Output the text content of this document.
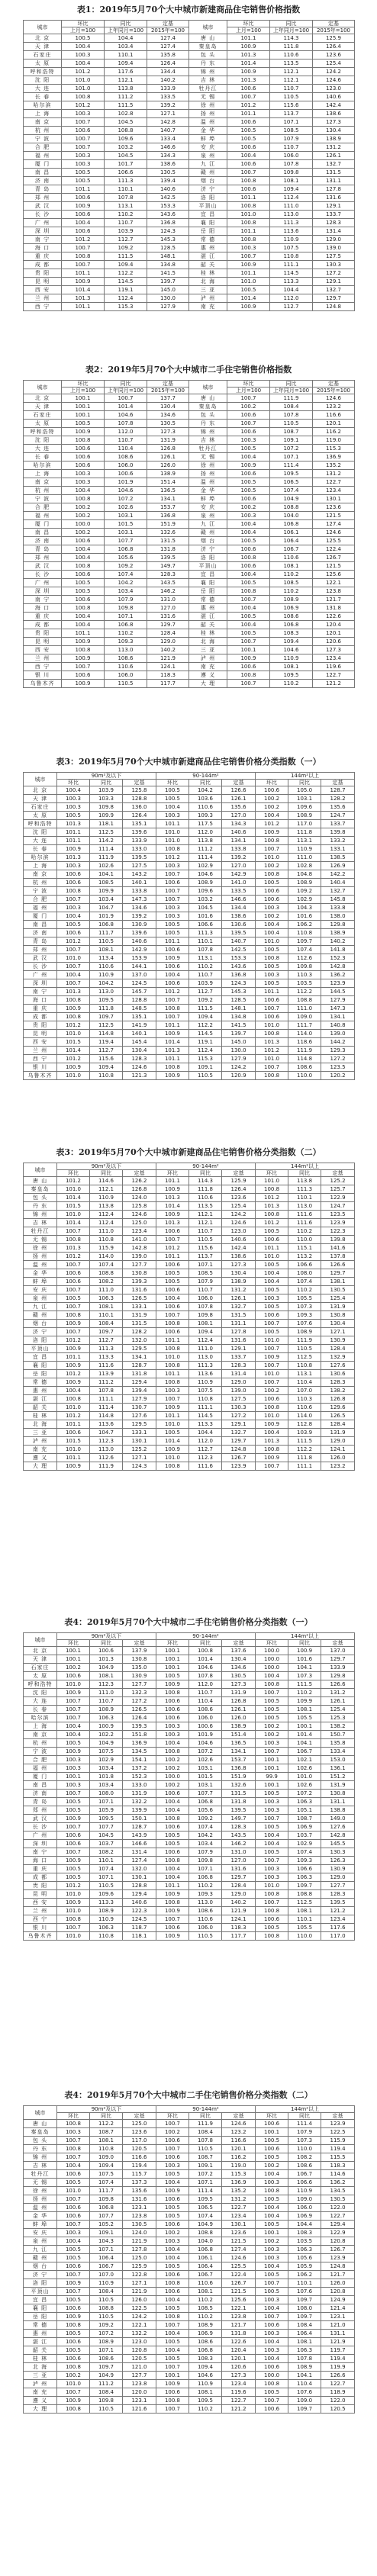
表1：2019年5月70个大中城市新建商品住宅销售价格指数
城市	环比	同比	定基	城市	环比	同比	定基
	上月=100	上年同月=100	2015年=100		上月=100	上年同月=100	2015年=100
北 京	100.5	104.4	127.4	唐 山	101.1	114.3	125.9
天 津	100.4	103.4	127.4	秦皇岛	100.9	111.8	126.4
石家庄	100.3	110.1	135.8	包 头	101.3	110.6	123.6
太 原	100.4	109.4	126.4	丹 东	101.4	113.5	125.4
呼和浩特	101.2	117.6	134.4	锦 州	100.9	112.1	124.2
沈 阳	101.0	112.1	140.2	吉 林	101.3	112.1	124.6
大 连	101.0	113.8	133.9	牡丹江	100.6	110.7	123.0
长 春	100.8	111.2	133.5	无 锡	100.7	110.5	140.6
哈尔滨	101.2	111.5	139.2	徐 州	101.2	115.6	142.4
上 海	100.3	102.8	127.1	扬 州	101.1	113.7	138.6
南 京	100.7	104.5	142.8	温 州	100.6	107.1	127.3
杭 州	100.6	108.8	140.7	金 华	100.5	108.5	130.4
宁 波	100.7	109.6	133.4	蚌 埠	100.5	107.9	138.9
合 肥	100.7	103.2	146.6	安 庆	100.6	110.7	131.2
福 州	100.3	104.5	134.3	泉 州	100.4	106.0	126.1
厦 门	100.3	101.7	138.6	九 江	100.6	107.8	132.7
南 昌	100.5	106.6	130.5	赣 州	100.7	109.8	131.5
济 南	100.5	111.3	139.4	烟 台	100.8	108.1	131.1
青 岛	101.1	110.1	140.6	济 宁	100.6	109.4	127.8
郑 州	100.6	107.8	142.5	洛 阳	101.1	112.4	131.6
武 汉	100.9	113.1	153.3	平顶山	100.8	111.0	129.1
长 沙	100.6	110.2	143.6	宜 昌	101.0	113.0	133.7
广 州	100.4	110.7	136.8	襄 阳	100.8	111.3	128.3
深 圳	100.6	103.9	124.3	岳 阳	101.1	113.6	131.4
南 宁	101.2	112.7	145.3	常 德	100.8	110.9	129.0
海 口	100.7	109.2	128.5	惠 州	100.3	107.5	139.0
重 庆	100.8	111.5	148.1	湛 江	100.7	110.8	127.5
成 都	100.7	109.4	134.8	韶 关	100.9	111.1	130.3
贵 阳	101.1	112.2	141.5	桂 林	101.1	114.5	127.2
昆 明	100.9	114.5	139.7	北 海	101.0	113.3	129.1
西 安	101.4	119.1	145.0	三 亚	100.5	104.4	132.7
兰 州	101.3	112.4	130.0	泸 州	101.4	112.0	129.7
西 宁	101.1	115.3	127.9	南 充	100.9	112.7	124.8
表2：2019年5月70个大中城市二手住宅销售价格指数
城市	环比	同比	定基	城市	环比	同比	定基
	上月=100	上年同月=100	2015年=100		上月=100	上年同月=100	2015年=100
北 京	100.1	100.7	137.7	唐 山	100.7	111.9	124.6
天 津	100.1	101.4	130.4	秦皇岛	100.2	108.4	123.2
石家庄	100.1	104.6	134.6	包 头	100.6	107.8	116.6
太 原	100.5	107.8	130.5	丹 东	100.7	110.5	120.1
呼和浩特	100.9	112.0	127.3	锦 州	100.6	108.7	116.2
沈 阳	100.8	110.7	131.9	吉 林	100.3	109.1	119.0
大 连	100.6	110.4	126.8	牡丹江	100.5	107.2	115.3
长 春	100.6	108.6	126.1	无 锡	100.4	107.1	136.9
哈尔滨	100.6	106.0	126.0	徐 州	100.9	111.4	135.2
上 海	100.3	100.6	138.9	扬 州	100.6	109.5	131.2
南 京	100.3	101.9	151.4	温 州	100.5	106.5	122.7
杭 州	100.4	104.6	136.5	金 华	100.5	107.4	123.4
宁 波	100.8	107.2	134.1	蚌 埠	100.6	104.9	130.1
合 肥	100.2	102.6	153.7	安 庆	100.2	108.8	123.6
福 州	100.2	103.1	136.8	泉 州	100.3	104.0	121.5
厦 门	100.0	101.5	151.9	九 江	100.4	106.8	127.4
南 昌	100.2	103.1	132.6	赣 州	100.4	106.1	124.6
济 南	100.6	107.7	131.5	烟 台	100.5	106.4	125.5
青 岛	100.4	106.8	131.8	济 宁	100.6	106.7	122.4
郑 州	100.4	105.6	139.5	洛 阳	100.8	110.6	126.7
武 汉	100.8	109.2	149.7	平顶山	100.6	108.1	121.5
长 沙	100.6	107.4	128.3	宜 昌	100.4	110.2	125.6
广 州	100.5	104.2	143.5	襄 阳	100.5	108.5	122.1
深 圳	100.5	103.4	146.2	岳 阳	100.8	110.2	123.8
南 宁	100.6	107.9	131.0	常 德	100.7	108.9	121.7
海 口	100.8	109.8	127.0	惠 州	100.4	106.9	131.8
重 庆	100.4	107.1	131.6	湛 江	100.5	108.6	122.6
成 都	100.4	106.8	129.7	韶 关	100.4	106.8	120.4
贵 阳	101.1	110.2	128.4	桂 林	100.5	108.3	120.1
昆 明	100.9	109.3	129.0	北 海	100.7	109.4	120.6
西 安	100.8	113.0	140.2	三 亚	100.1	104.6	127.3
兰 州	100.9	108.6	121.9	泸 州	100.9	110.9	123.4
西 宁	100.7	110.6	124.1	南 充	100.6	108.1	119.6
银 川	100.6	106.0	118.3	遵 义	100.8	109.5	122.7
乌鲁木齐	100.9	110.5	117.7	大 理	100.7	110.2	121.2
表3：2019年5月70个大中城市新建商品住宅销售价格分类指数（一）
城市	90m²及以下			90-144m²			144m²以上		
	环比	同比	定基	环比	同比	定基	环比	同比	定基
北 京	100.4	103.9	125.8	100.5	104.2	126.6	100.6	105.0	128.7
天 津	100.3	103.3	128.8	100.5	103.6	126.1	100.2	103.1	128.2
石家庄	100.3	109.8	136.0	100.4	110.6	135.6	100.2	109.6	135.6
太 原	100.5	109.9	126.4	100.3	109.3	127.0	100.4	108.9	124.7
呼和浩特	101.3	118.1	135.1	101.1	117.5	134.3	101.2	117.0	133.7
沈 阳	101.1	112.5	139.6	101.0	112.0	140.6	100.9	111.8	139.8
大 连	101.1	114.2	133.9	101.0	113.8	134.1	100.8	113.1	133.2
长 春	100.9	111.4	133.0	100.8	111.2	133.8	100.7	110.9	133.1
哈尔滨	101.3	111.9	139.5	101.2	111.4	139.2	101.0	111.0	138.5
上 海	100.3	102.6	127.5	100.3	102.9	127.0	100.2	102.8	126.9
南 京	100.6	104.1	143.2	100.7	104.6	142.9	100.8	104.8	142.2
杭 州	100.6	108.5	140.1	100.6	108.9	141.0	100.5	108.9	140.4
宁 波	100.8	109.9	133.8	100.7	109.6	133.5	100.6	109.2	132.7
合 肥	100.7	103.4	147.3	100.7	103.2	146.6	100.6	102.9	145.8
福 州	100.3	104.7	134.6	100.3	104.5	134.4	100.3	104.3	133.8
厦 门	100.4	101.9	139.2	100.3	101.6	138.6	100.2	101.6	138.0
南 昌	100.5	106.8	130.9	100.5	106.6	130.6	100.4	106.2	129.8
济 南	100.6	111.7	139.6	100.5	111.3	139.5	100.4	110.8	138.9
青 岛	101.2	110.5	140.6	101.1	110.1	140.7	101.0	109.7	140.2
郑 州	100.7	108.1	142.9	100.6	107.8	142.5	100.5	107.4	141.8
武 汉	101.0	113.4	153.9	100.9	113.1	153.3	100.8	112.6	152.3
长 沙	100.7	110.6	144.1	100.6	110.2	143.6	100.5	109.8	142.8
广 州	100.4	110.9	137.0	100.4	110.7	136.8	100.3	110.3	136.2
深 圳	100.7	104.2	124.5	100.6	103.9	124.3	100.5	103.5	123.9
南 宁	101.3	113.0	145.7	101.2	112.7	145.3	101.1	112.2	144.5
海 口	100.8	109.5	128.8	100.7	109.2	128.5	100.6	108.8	127.9
重 庆	100.9	111.8	148.5	100.8	111.5	148.1	100.7	111.0	147.3
成 都	100.8	109.7	135.1	100.7	109.4	134.8	100.6	109.0	134.1
贵 阳	101.2	112.5	141.9	101.1	112.2	141.5	101.0	111.7	140.8
昆 明	101.0	114.8	140.1	100.9	114.5	139.7	100.8	114.0	139.0
西 安	101.5	119.4	145.4	101.4	119.1	145.0	101.3	118.6	144.2
兰 州	101.4	112.7	130.4	101.3	112.4	130.0	101.2	111.9	129.3
西 宁	101.2	115.6	128.3	101.1	115.3	127.9	101.0	114.8	127.2
银 川	100.9	109.4	124.6	100.8	109.1	124.2	100.7	108.6	123.5
乌鲁木齐	101.0	110.8	121.3	100.9	110.5	120.9	100.8	110.0	120.2
表3：2019年5月70个大中城市新建商品住宅销售价格分类指数（二）
城市	90m²及以下			90-144m²			144m²以上		
	环比	同比	定基	环比	同比	定基	环比	同比	定基
唐 山	101.2	114.6	126.2	101.1	114.3	125.9	101.0	113.8	125.2
秦皇岛	101.0	112.1	126.8	100.9	111.8	126.4	100.8	111.3	125.7
包 头	101.4	110.9	124.0	101.3	110.6	123.6	101.2	110.1	122.9
丹 东	101.5	113.8	125.8	101.4	113.5	125.4	101.3	113.0	124.7
锦 州	101.0	112.4	124.6	100.9	112.1	124.2	100.8	111.6	123.5
吉 林	101.4	112.4	125.0	101.3	112.1	124.6	101.2	111.6	123.9
牡丹江	100.7	111.0	123.4	100.6	110.7	123.0	100.5	110.2	122.3
无 锡	100.8	110.8	141.0	100.7	110.5	140.6	100.6	110.0	139.8
徐 州	101.3	115.9	142.8	101.2	115.6	142.4	101.1	115.1	141.6
扬 州	101.2	114.0	139.0	101.1	113.7	138.6	101.0	113.2	137.8
温 州	100.7	107.4	127.7	100.6	107.1	127.3	100.5	106.6	126.6
金 华	100.6	108.8	130.8	100.5	108.5	130.4	100.4	108.0	129.7
蚌 埠	100.6	108.2	139.3	100.5	107.9	138.9	100.4	107.4	138.1
安 庆	100.7	111.0	131.6	100.6	110.7	131.2	100.5	110.2	130.5
泉 州	100.5	106.3	126.5	100.4	106.0	126.1	100.3	105.5	125.4
九 江	100.7	108.1	133.1	100.6	107.8	132.7	100.5	107.3	131.9
赣 州	100.8	110.1	131.9	100.7	109.8	131.5	100.6	109.3	130.8
烟 台	100.9	108.4	131.5	100.8	108.1	131.1	100.7	107.6	130.4
济 宁	100.7	109.7	128.2	100.6	109.4	127.8	100.5	108.9	127.1
洛 阳	101.2	112.7	132.0	101.1	112.4	131.6	101.0	111.9	130.9
平顶山	100.9	111.3	129.5	100.8	111.0	129.1	100.7	110.5	128.4
宜 昌	101.1	113.3	134.1	101.0	113.0	133.7	100.9	112.5	132.9
襄 阳	100.9	111.6	128.7	100.8	111.3	128.3	100.7	110.8	127.6
岳 阳	101.2	113.9	131.8	101.1	113.6	131.4	101.0	113.1	130.6
常 德	100.9	111.2	129.4	100.8	110.9	129.0	100.7	110.4	128.3
惠 州	100.4	107.8	139.4	100.3	107.5	139.0	100.2	107.0	138.2
湛 江	100.8	111.1	127.9	100.7	110.8	127.5	100.6	110.3	126.8
韶 关	101.0	111.4	130.7	100.9	111.1	130.3	100.8	110.6	129.6
桂 林	101.2	114.8	127.6	101.1	114.5	127.2	101.0	114.0	126.5
北 海	101.1	113.6	129.5	101.0	113.3	129.1	100.9	112.8	128.4
三 亚	100.6	104.7	133.1	100.5	104.4	132.7	100.4	103.9	131.9
泸 州	101.5	112.3	130.1	101.4	112.0	129.7	101.3	111.5	129.0
南 充	101.0	113.0	125.2	100.9	112.7	124.8	100.8	112.2	124.1
遵 义	101.1	112.6	127.1	101.0	112.3	126.7	100.9	111.8	126.0
大 理	100.9	111.9	124.3	100.8	111.6	123.9	100.7	111.1	123.2
表4：2019年5月70个大中城市二手住宅销售价格分类指数（一）
城市	90m²及以下			90-144m²			144m²以上		
	环比	同比	定基	环比	同比	定基	环比	同比	定基
北 京	100.1	100.6	137.9	100.1	100.8	137.6	100.0	100.9	137.0
天 津	100.1	101.3	130.8	100.1	101.4	130.4	100.0	101.6	129.7
石家庄	100.2	104.9	135.0	100.1	104.6	134.6	100.0	104.1	133.9
太 原	100.6	108.1	130.9	100.5	107.8	130.5	100.4	107.3	129.8
呼和浩特	101.0	112.3	127.7	100.9	112.0	127.3	100.8	111.5	126.6
沈 阳	100.9	111.0	132.3	100.8	110.7	131.9	100.7	110.2	131.2
大 连	100.7	110.7	127.2	100.6	110.4	126.8	100.5	109.9	126.1
长 春	100.7	108.9	126.5	100.6	108.6	126.1	100.5	108.1	125.4
哈尔滨	100.7	106.3	126.4	100.6	106.0	126.0	100.5	105.5	125.3
上 海	100.4	100.9	139.3	100.3	100.6	138.9	100.2	100.1	138.2
南 京	100.4	102.2	151.8	100.3	101.9	151.4	100.2	101.4	150.7
杭 州	100.5	104.9	136.9	100.4	104.6	136.5	100.3	104.1	135.8
宁 波	100.9	107.5	134.5	100.8	107.2	134.1	100.7	106.7	133.4
合 肥	100.3	102.9	154.1	100.2	102.6	153.7	100.1	102.1	153.0
福 州	100.3	103.4	137.2	100.2	103.1	136.8	100.1	102.6	136.1
厦 门	100.1	101.8	152.3	100.0	101.5	151.9	99.9	101.0	151.2
南 昌	100.3	103.4	133.0	100.2	103.1	132.6	100.1	102.6	131.9
济 南	100.7	108.0	131.9	100.6	107.7	131.5	100.5	107.2	130.8
青 岛	100.5	107.1	132.2	100.4	106.8	131.8	100.3	106.3	131.1
郑 州	100.5	105.9	139.9	100.4	105.6	139.5	100.3	105.1	138.8
武 汉	100.9	109.5	150.1	100.8	109.2	149.7	100.7	108.7	149.0
长 沙	100.7	107.7	128.7	100.6	107.4	128.3	100.5	106.9	127.6
广 州	100.6	104.5	143.9	100.5	104.2	143.5	100.4	103.7	142.8
深 圳	100.6	103.7	146.6	100.5	103.4	146.2	100.4	102.9	145.5
南 宁	100.7	108.2	131.4	100.6	107.9	131.0	100.5	107.4	130.3
海 口	100.9	110.1	127.4	100.8	109.8	127.0	100.7	109.3	126.3
重 庆	100.5	107.4	132.0	100.4	107.1	131.6	100.3	106.6	130.9
成 都	100.5	107.1	130.1	100.4	106.8	129.7	100.3	106.3	129.0
贵 阳	101.2	110.5	128.8	101.1	110.2	128.4	101.0	109.7	127.7
昆 明	101.0	109.6	129.4	100.9	109.3	129.0	100.8	108.8	128.3
西 安	100.9	113.3	140.6	100.8	113.0	140.2	100.7	112.5	139.5
兰 州	101.0	108.9	122.3	100.9	108.6	121.9	100.8	108.1	121.2
西 宁	100.8	110.9	124.5	100.7	110.6	124.1	100.6	110.1	123.4
银 川	100.7	106.3	118.7	100.6	106.0	118.3	100.5	105.5	117.6
乌鲁木齐	101.0	110.8	118.1	100.9	110.5	117.7	100.8	110.0	117.0
表4：2019年5月70个大中城市二手住宅销售价格分类指数（二）
城市	90m²及以下			90-144m²			144m²以上		
	环比	同比	定基	环比	同比	定基	环比	同比	定基
唐 山	100.8	112.2	125.0	100.7	111.9	124.6	100.6	111.4	123.9
秦皇岛	100.3	108.7	123.6	100.2	108.4	123.2	100.1	107.9	122.5
包 头	100.7	108.1	117.0	100.6	107.8	116.6	100.5	107.3	115.9
丹 东	100.8	110.8	120.5	100.7	110.5	120.1	100.6	110.0	119.4
锦 州	100.7	109.0	116.6	100.6	108.7	116.2	100.5	108.2	115.5
吉 林	100.4	109.4	119.4	100.3	109.1	119.0	100.2	108.6	118.3
牡丹江	100.6	107.5	115.7	100.5	107.2	115.3	100.4	106.7	114.6
无 锡	100.5	107.4	137.3	100.4	107.1	136.9	100.3	106.6	136.2
徐 州	101.0	111.7	135.6	100.9	111.4	135.2	100.8	110.9	134.5
扬 州	100.7	109.8	131.6	100.6	109.5	131.2	100.5	109.0	130.5
温 州	100.6	106.8	123.1	100.5	106.5	122.7	100.4	106.0	122.0
金 华	100.6	107.7	123.8	100.5	107.4	123.4	100.4	106.9	122.7
蚌 埠	100.7	105.2	130.5	100.6	104.9	130.1	100.5	104.4	129.4
安 庆	100.3	109.1	124.0	100.2	108.8	123.6	100.1	108.3	122.9
泉 州	100.4	104.3	121.9	100.3	104.0	121.5	100.2	103.5	120.8
九 江	100.5	107.1	127.8	100.4	106.8	127.4	100.3	106.3	126.7
赣 州	100.5	106.4	125.0	100.4	106.1	124.6	100.3	105.6	123.9
烟 台	100.6	106.7	125.9	100.5	106.4	125.5	100.4	105.9	124.8
济 宁	100.7	107.0	122.8	100.6	106.7	122.4	100.5	106.2	121.7
洛 阳	100.9	110.9	127.1	100.8	110.6	126.7	100.7	110.1	126.0
平顶山	100.7	108.4	121.9	100.6	108.1	121.5	100.5	107.6	120.8
宜 昌	100.5	110.5	126.0	100.4	110.2	125.6	100.3	109.7	124.9
襄 阳	100.6	108.8	122.5	100.5	108.5	122.1	100.4	108.0	121.4
岳 阳	100.9	110.5	124.2	100.8	110.2	123.8	100.7	109.7	123.1
常 德	100.8	109.2	122.1	100.7	108.9	121.7	100.6	108.4	121.0
惠 州	100.5	107.2	132.2	100.4	106.9	131.8	100.3	106.4	131.1
湛 江	100.6	108.9	123.0	100.5	108.6	122.6	100.4	108.1	121.9
韶 关	100.5	107.1	120.8	100.4	106.8	120.4	100.3	106.3	119.7
桂 林	100.6	108.6	120.5	100.5	108.3	120.1	100.4	107.8	119.4
北 海	100.8	109.7	121.0	100.7	109.4	120.6	100.6	108.9	119.9
三 亚	100.2	104.9	127.7	100.1	104.6	127.3	100.0	104.1	126.6
泸 州	101.0	111.2	123.8	100.9	110.9	123.4	100.8	110.4	122.7
南 充	100.7	108.4	120.0	100.6	108.1	119.6	100.5	107.6	118.9
遵 义	100.9	109.8	123.1	100.8	109.5	122.7	100.7	109.0	122.0
大 理	100.8	110.5	121.6	100.7	110.2	121.2	100.6	109.7	120.5
